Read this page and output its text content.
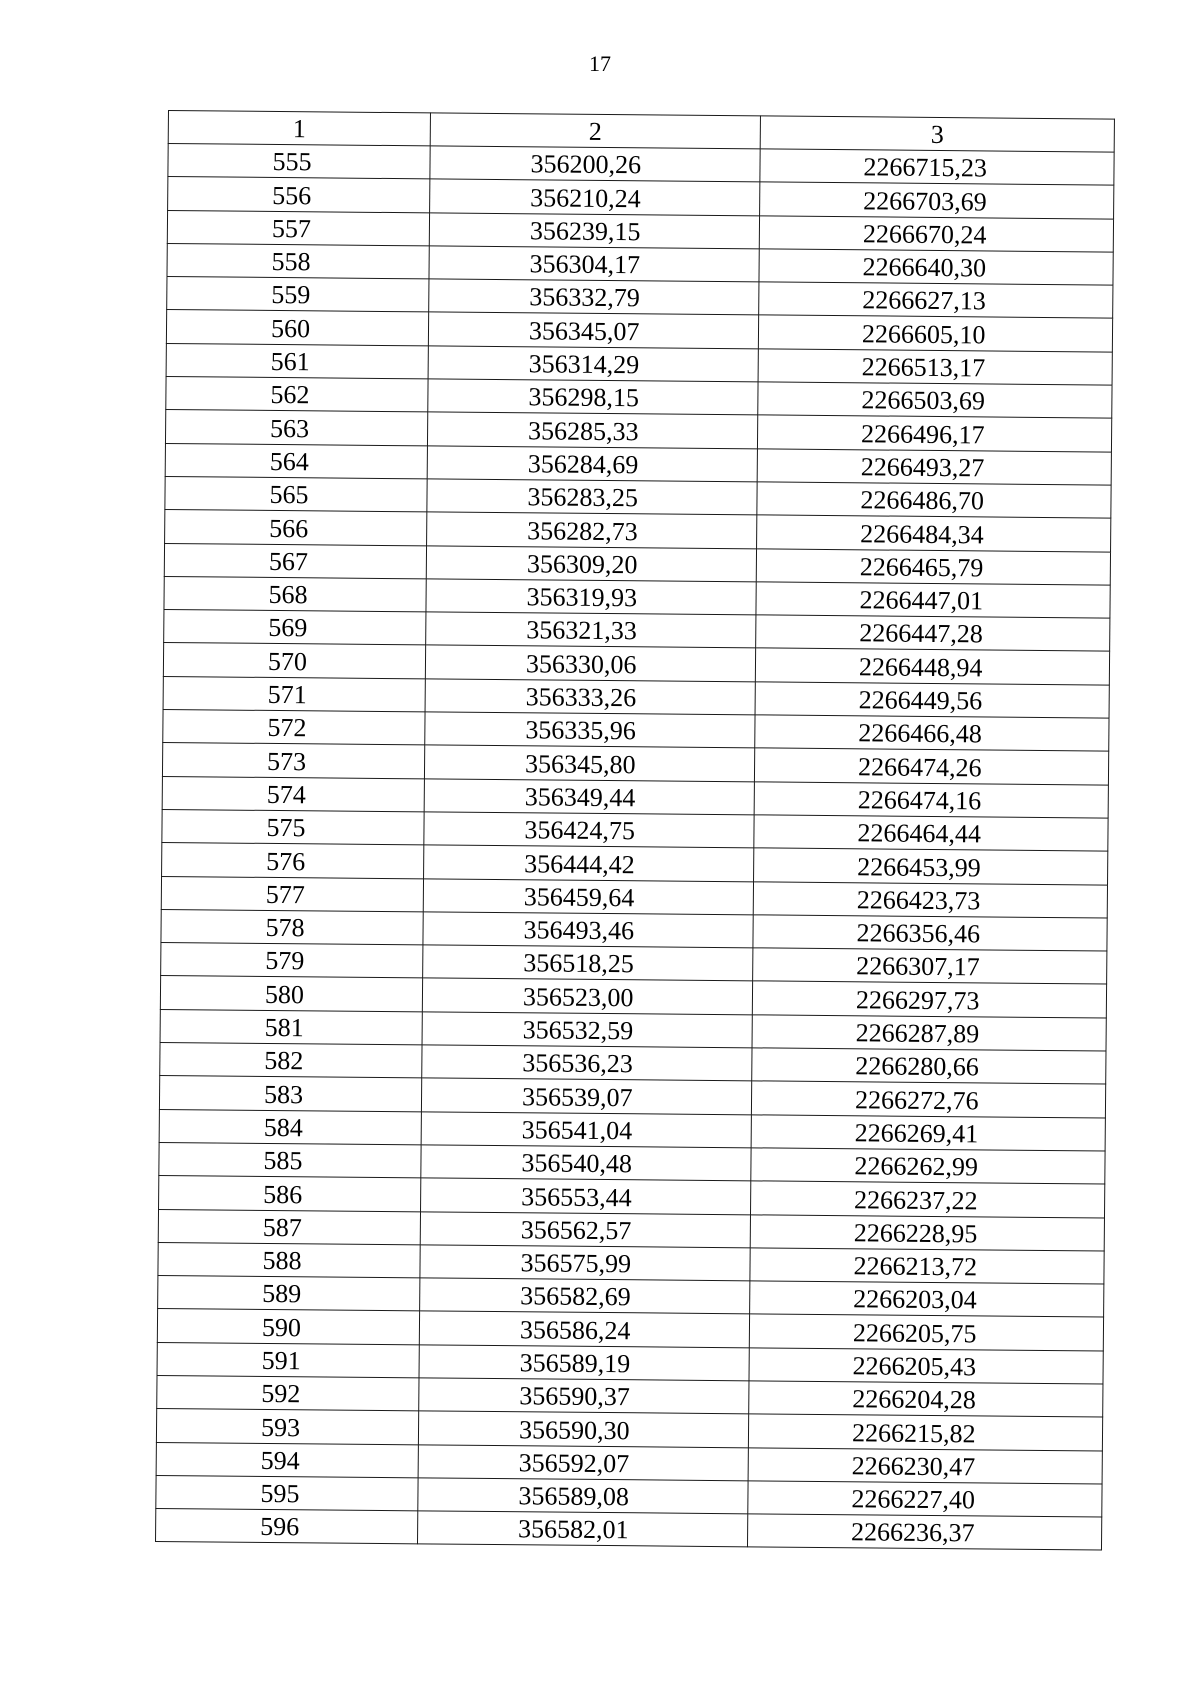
17
1	2	3
555	356200,26	2266715,23
556	356210,24	2266703,69
557	356239,15	2266670,24
558	356304,17	2266640,30
559	356332,79	2266627,13
560	356345,07	2266605,10
561	356314,29	2266513,17
562	356298,15	2266503,69
563	356285,33	2266496,17
564	356284,69	2266493,27
565	356283,25	2266486,70
566	356282,73	2266484,34
567	356309,20	2266465,79
568	356319,93	2266447,01
569	356321,33	2266447,28
570	356330,06	2266448,94
571	356333,26	2266449,56
572	356335,96	2266466,48
573	356345,80	2266474,26
574	356349,44	2266474,16
575	356424,75	2266464,44
576	356444,42	2266453,99
577	356459,64	2266423,73
578	356493,46	2266356,46
579	356518,25	2266307,17
580	356523,00	2266297,73
581	356532,59	2266287,89
582	356536,23	2266280,66
583	356539,07	2266272,76
584	356541,04	2266269,41
585	356540,48	2266262,99
586	356553,44	2266237,22
587	356562,57	2266228,95
588	356575,99	2266213,72
589	356582,69	2266203,04
590	356586,24	2266205,75
591	356589,19	2266205,43
592	356590,37	2266204,28
593	356590,30	2266215,82
594	356592,07	2266230,47
595	356589,08	2266227,40
596	356582,01	2266236,37
